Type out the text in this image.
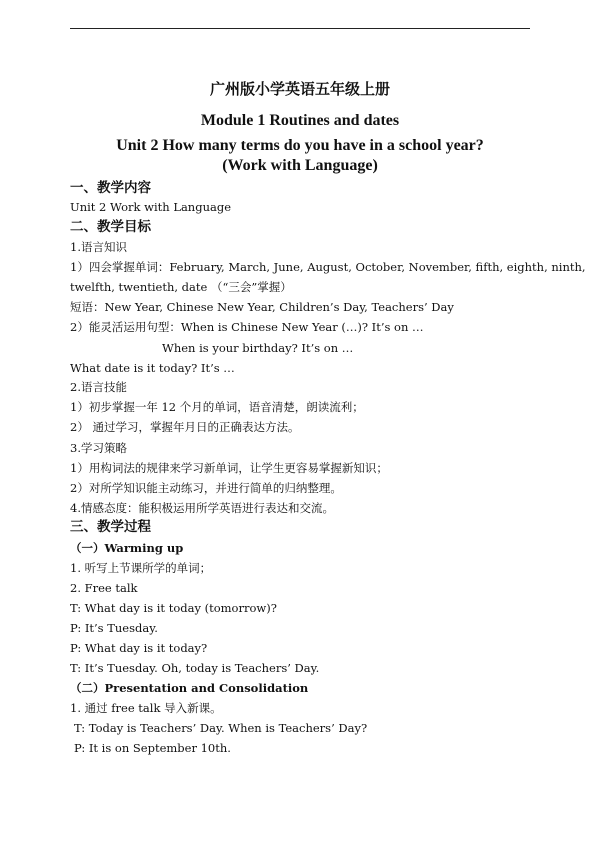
广州版小学英语五年级上册
Module 1 Routines and dates
Unit 2 How many terms do you have in a school year?
(Work with Language)
一、教学内容
Unit 2 Work with Language
二、教学目标
1.语言知识
1）四会掌握单词：February, March, June, August, October, November, fifth, eighth, ninth,
twelfth, twentieth, date （“三会”掌握）
短语：New Year, Chinese New Year, Children’s Day, Teachers’ Day
2）能灵活运用句型：When is Chinese New Year (…)? It’s on …
When is your birthday? It’s on …
What date is it today? It’s …
2.语言技能
1）初步掌握一年 12 个月的单词，语音清楚，朗读流利；
2） 通过学习，掌握年月日的正确表达方法。
3.学习策略
1）用构词法的规律来学习新单词，让学生更容易掌握新知识；
2）对所学知识能主动练习，并进行简单的归纳整理。
4.情感态度：能积极运用所学英语进行表达和交流。
三、教学过程
（一）Warming up
1. 听写上节课所学的单词；
2. Free talk
T: What day is it today (tomorrow)?
P: It’s Tuesday.
P: What day is it today?
T: It’s Tuesday. Oh, today is Teachers’ Day.
（二）Presentation and Consolidation
1. 通过 free talk 导入新课。
T: Today is Teachers’ Day. When is Teachers’ Day?
P: It is on September 10th.
